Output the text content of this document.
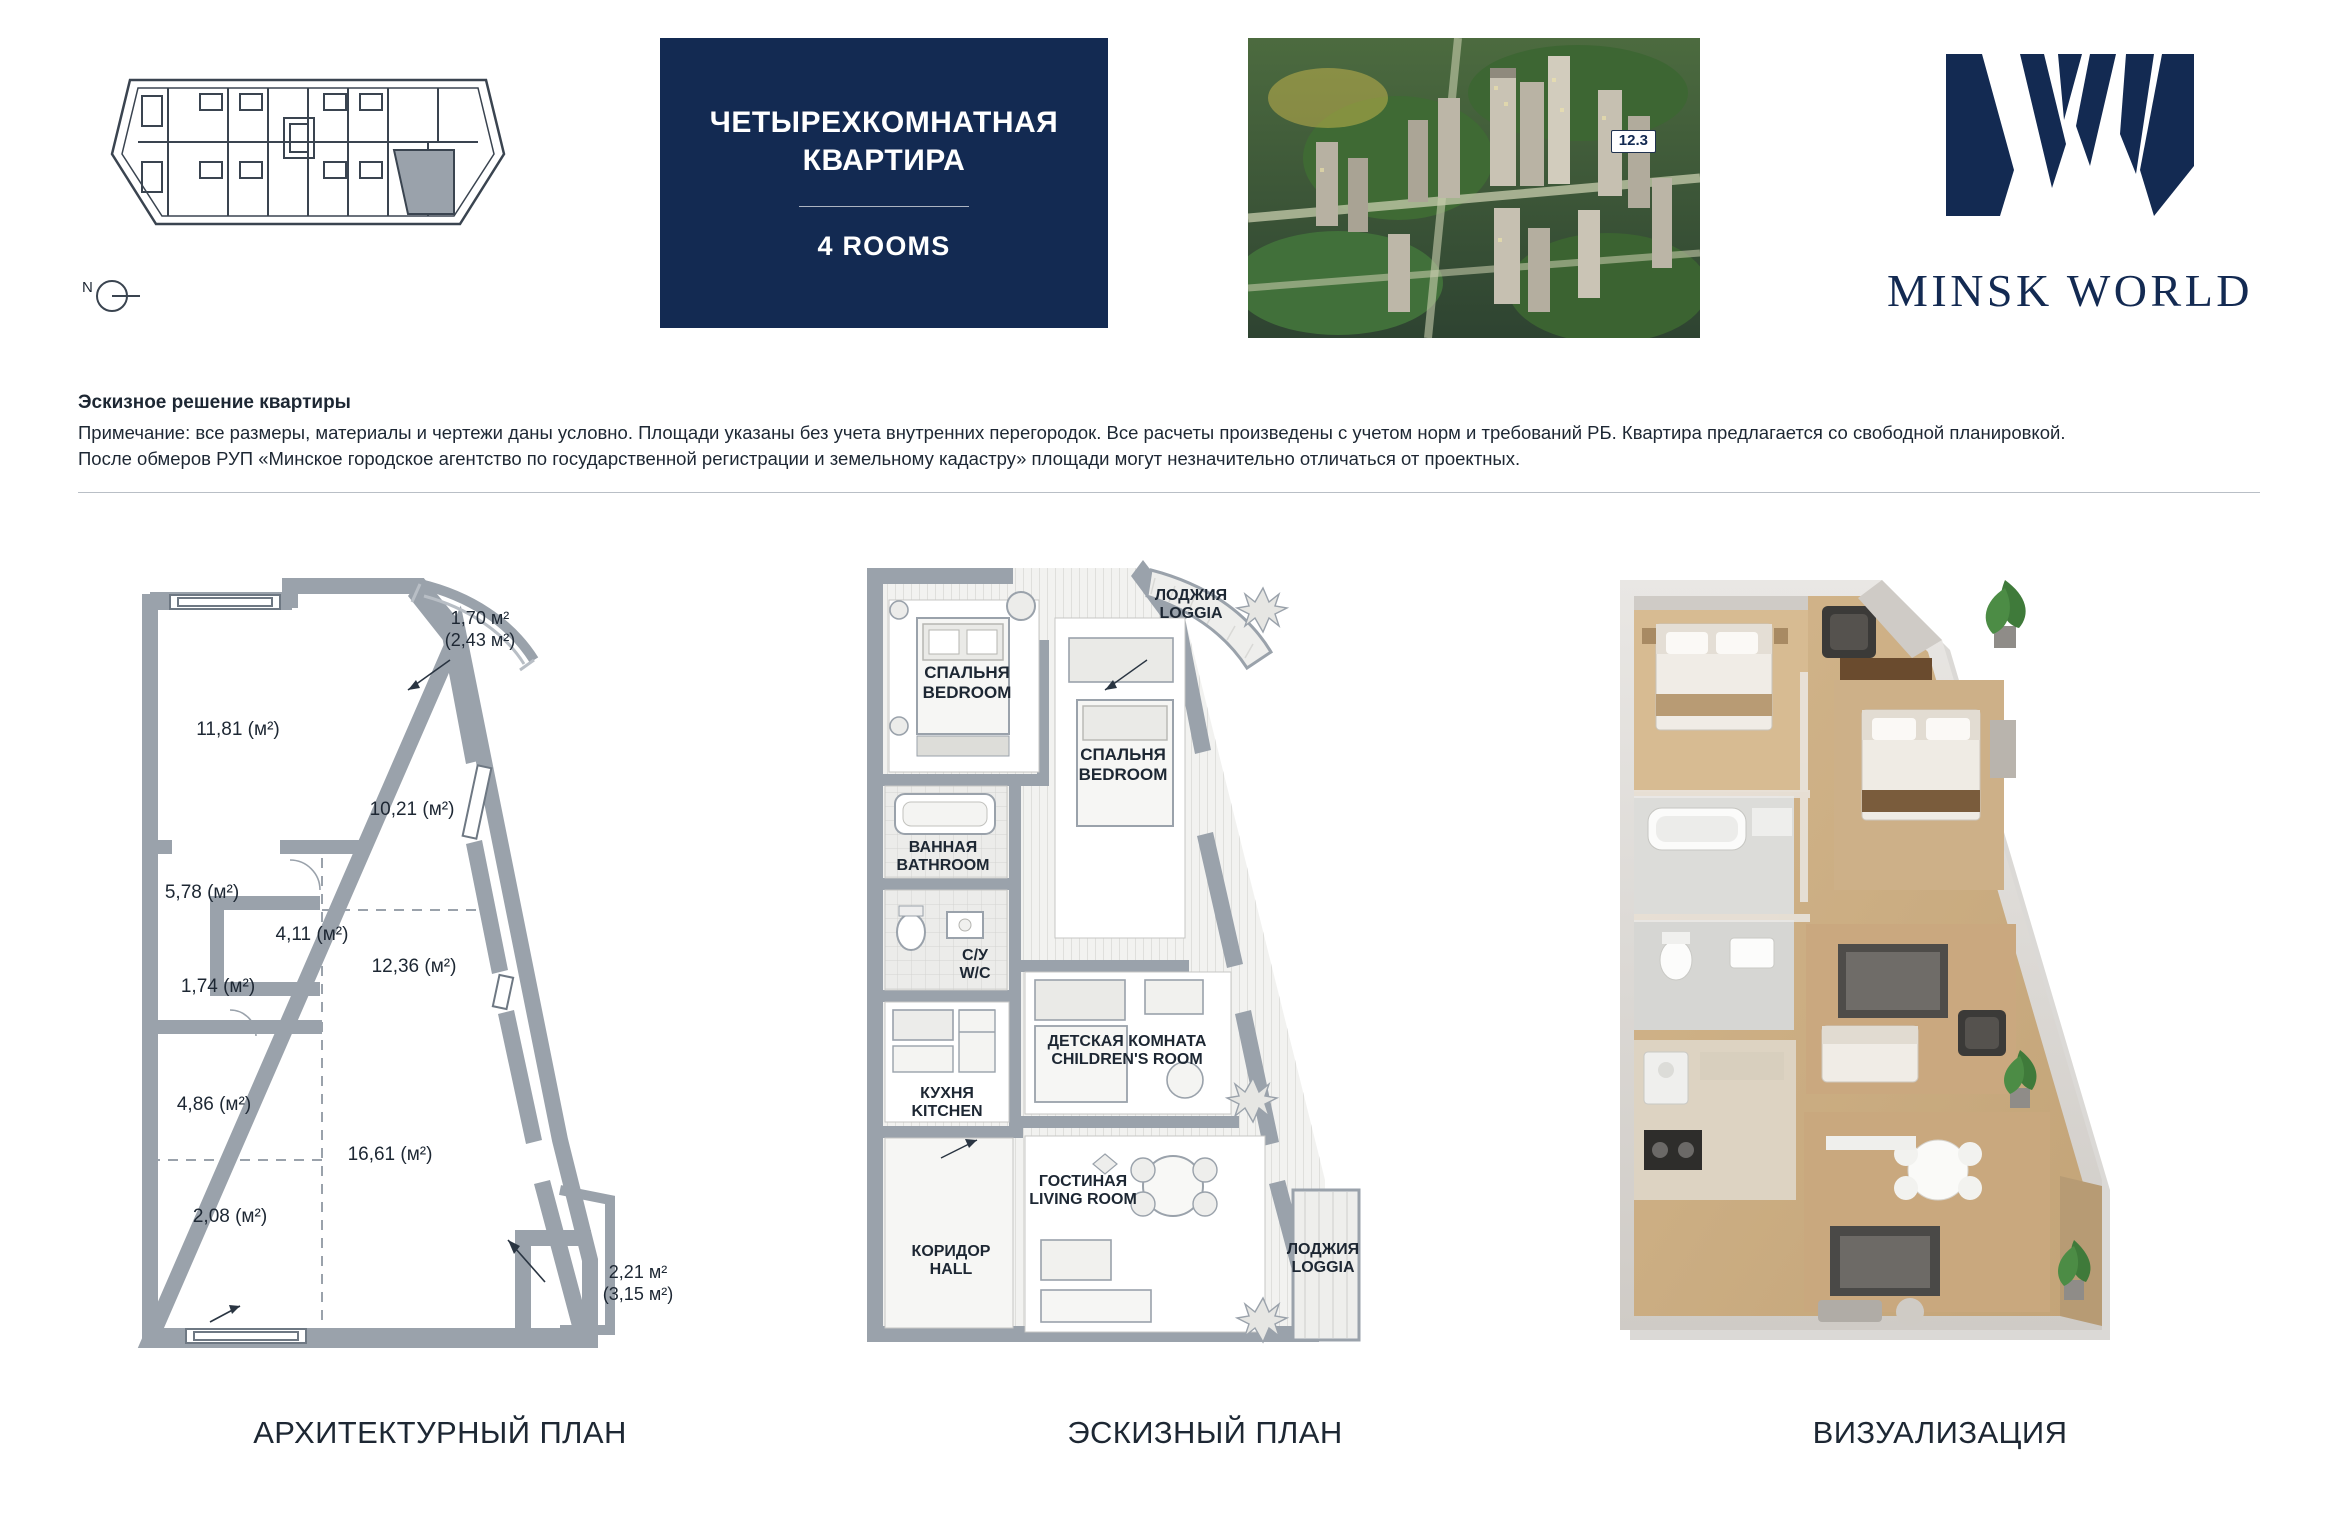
N
ЧЕТЫРЕХКОМНАТНАЯ
КВАРТИРА
4 ROOMS
12.3
MINSK WORLD
Эскизное решение квартиры
Примечание: все размеры, материалы и чертежи даны условно. Площади указаны без учета внутренних перегородок. Все расчеты произведены с учетом норм и требований РБ. Квартира предлагается со свободной планировкой.
После обмеров РУП «Минское городское агентство по государственной регистрации и земельному кадастру» площади могут незначительно отличаться от проектных.
11,81 (м²)
10,21 (м²)
5,78 (м²)
4,11 (м²)
1,74 (м²)
12,36 (м²)
4,86 (м²)
16,61 (м²)
2,08 (м²)
1,70 м²
(2,43 м²)
2,21 м²
(3,15 м²)
СПАЛЬНЯ
BEDROOM
СПАЛЬНЯ
BEDROOM
ВАННАЯ
BATHROOM
С/У
W/C
ДЕТСКАЯ КОМНАТА
CHILDREN'S ROOM
КУХНЯ
KITCHEN
ГОСТИНАЯ
LIVING ROOM
КОРИДОР
HALL
ЛОДЖИЯ
LOGGIA
ЛОДЖИЯ
LOGGIA
АРХИТЕКТУРНЫЙ ПЛАН	ЭСКИЗНЫЙ ПЛАН	ВИЗУАЛИЗАЦИЯ
